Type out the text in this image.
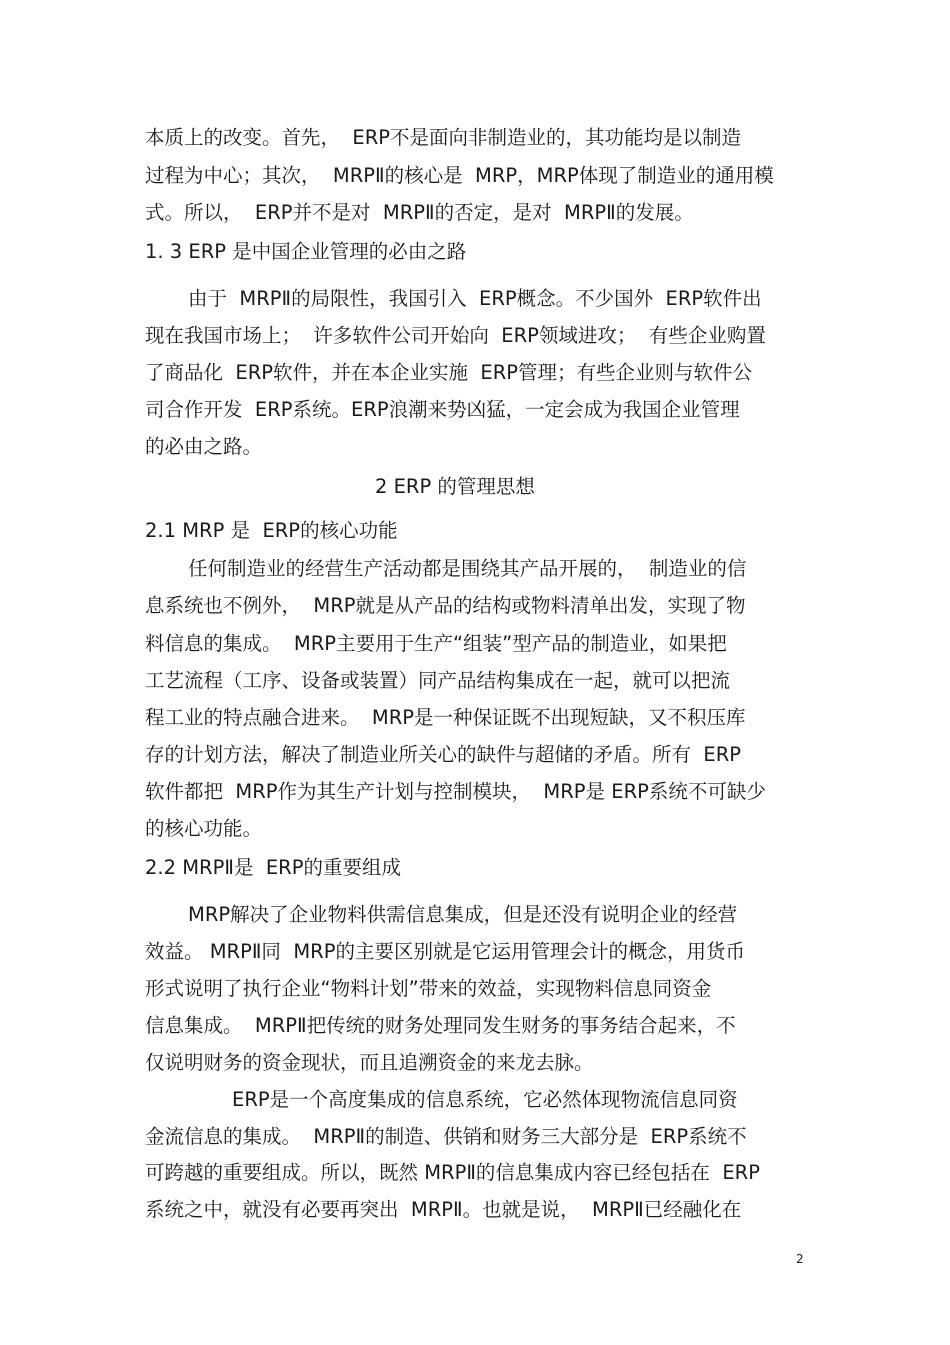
本质上的改变。首先，  ERP不是面向非制造业的，其功能均是以制造
过程为中心；其次，  MRPⅡ的核心是  MRP，MRP体现了制造业的通用模
式。所以，  ERP并不是对  MRPⅡ的否定，是对  MRPⅡ的发展。
1. 3 ERP 是中国企业管理的必由之路
由于  MRPⅡ的局限性，我国引入  ERP概念。不少国外  ERP软件出
现在我国市场上；  许多软件公司开始向  ERP领域进攻；  有些企业购置
了商品化  ERP软件，并在本企业实施  ERP管理；有些企业则与软件公
司合作开发  ERP系统。ERP浪潮来势凶猛，一定会成为我国企业管理
的必由之路。
2 ERP 的管理思想
2.1 MRP 是  ERP的核心功能
任何制造业的经营生产活动都是围绕其产品开展的，  制造业的信
息系统也不例外，  MRP就是从产品的结构或物料清单出发，实现了物
料信息的集成。  MRP主要用于生产“组装”型产品的制造业，如果把
工艺流程（工序、设备或装置）同产品结构集成在一起，就可以把流
程工业的特点融合进来。  MRP是一种保证既不出现短缺，又不积压库
存的计划方法，解决了制造业所关心的缺件与超储的矛盾。所有  ERP
软件都把  MRP作为其生产计划与控制模块，  MRP是 ERP系统不可缺少
的核心功能。
2.2 MRPⅡ是  ERP的重要组成
MRP解决了企业物料供需信息集成，但是还没有说明企业的经营
效益。 MRPⅡ同  MRP的主要区别就是它运用管理会计的概念，用货币
形式说明了执行企业“物料计划”带来的效益，实现物料信息同资金
信息集成。  MRPⅡ把传统的财务处理同发生财务的事务结合起来，不
仅说明财务的资金现状，而且追溯资金的来龙去脉。
ERP是一个高度集成的信息系统，它必然体现物流信息同资
金流信息的集成。  MRPⅡ的制造、供销和财务三大部分是  ERP系统不
可跨越的重要组成。所以，既然 MRPⅡ的信息集成内容已经包括在  ERP
系统之中，就没有必要再突出  MRPⅡ。也就是说，  MRPⅡ已经融化在
2
